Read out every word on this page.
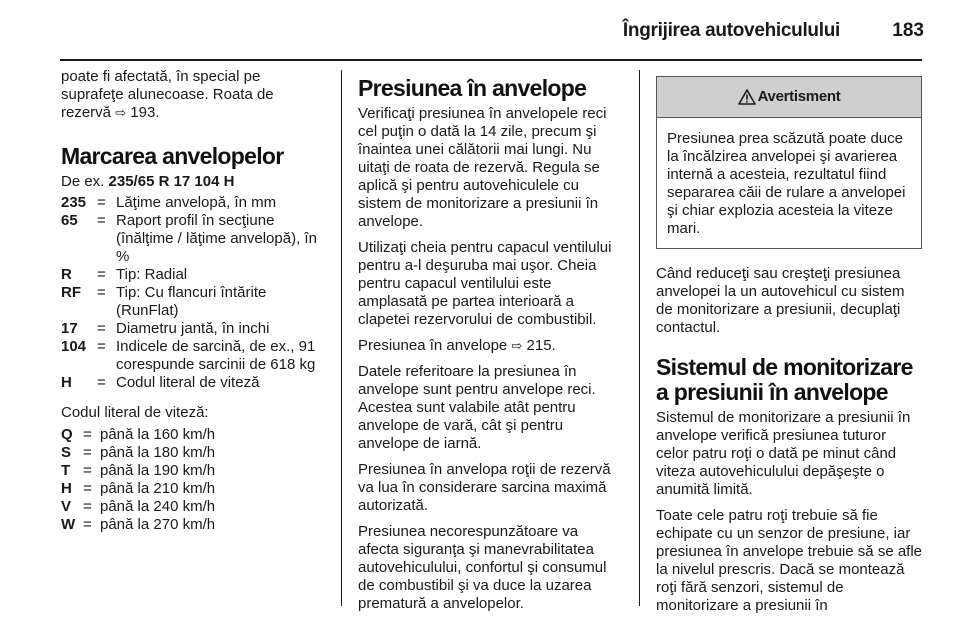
Îngrijirea autovehiculului	183

poate fi afectată, în special pe suprafeţe alunecoase. Roata de rezervă ⇨ 193.

Marcarea anvelopelor

De ex. 235/65 R 17 104 H

235 = Lăţime anvelopă, în mm
65	= Raport profil în secţiune (înălţime / lăţime anvelopă), în %
R	= Tip: Radial
RF	= Tip: Cu flancuri întărite (RunFlat)
17	= Diametru jantă, în inchi
104 = Indicele de sarcină, de ex., 91 corespunde sarcinii de 618 kg
H	= Codul literal de viteză

Codul literal de viteză:

Q = până la 160 km/h
S = până la 180 km/h
T = până la 190 km/h
H = până la 210 km/h
V = până la 240 km/h
W = până la 270 km/h
Presiunea în anvelope

Verificaţi presiunea în anvelopele reci cel puţin o dată la 14 zile, precum şi înaintea unei călătorii mai lungi. Nu uitaţi de roata de rezervă. Regula se aplică şi pentru autovehiculele cu sistem de monitorizare a presiunii în anvelope.

Utilizaţi cheia pentru capacul ventilului pentru a-l deşuruba mai uşor. Cheia pentru capacul ventilului este amplasată pe partea interioară a clapetei rezervorului de combustibil.

Presiunea în anvelope ⇨ 215.

Datele referitoare la presiunea în anvelope sunt pentru anvelope reci. Acestea sunt valabile atât pentru anvelope de vară, cât şi pentru anvelope de iarnă.

Presiunea în anvelopa roţii de rezervă va lua în considerare sarcina maximă autorizată.

Presiunea necorespunzătoare va afecta siguranţa şi manevrabilitatea autovehiculului, confortul şi consumul de combustibil şi va duce la uzarea prematură a anvelopelor.

Avertisment
Presiunea prea scăzută poate duce la încălzirea anvelopei şi avarierea internă a acesteia, rezultatul fiind separarea căii de rulare a anvelopei şi chiar explozia acesteia la viteze mari.

Când reduceţi sau creşteţi presiunea anvelopei la un autovehicul cu sistem de monitorizare a presiunii, decuplaţi contactul.

Sistemul de monitorizare a presiunii în anvelope

Sistemul de monitorizare a presiunii în anvelope verifică presiunea tuturor celor patru roţi o dată pe minut când viteza autovehiculului depăşeşte o anumită limită.

Toate cele patru roţi trebuie să fie echipate cu un senzor de presiune, iar presiunea în anvelope trebuie să se afle la nivelul prescris. Dacă se montează roţi fără senzori, sistemul de monitorizare a presiunii în
